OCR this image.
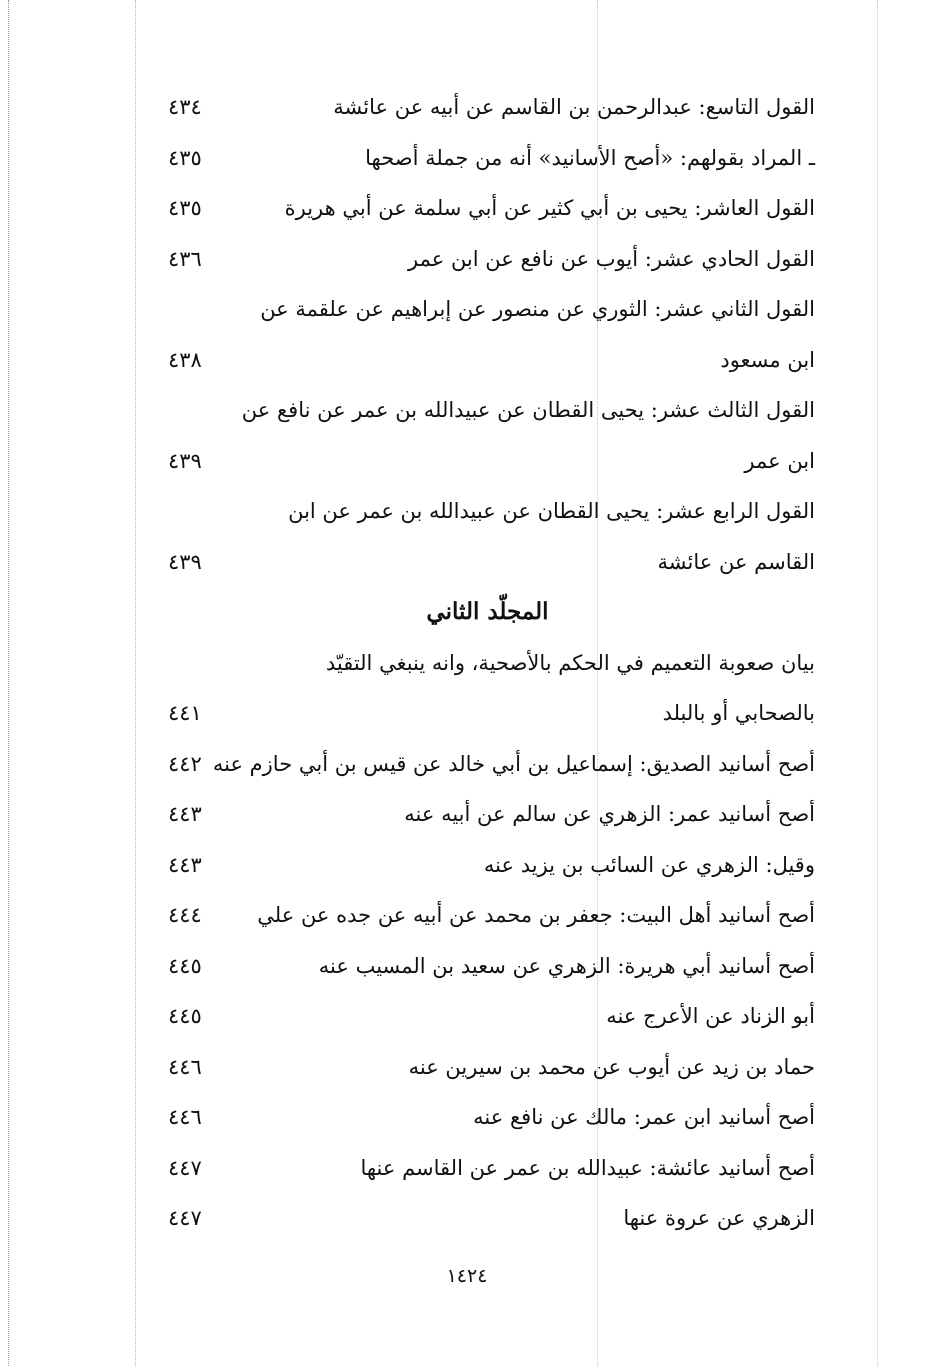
القول التاسع: عبدالرحمن بن القاسم عن أبيه عن عائشة
٤٣٤
ـ المراد بقولهم: «أصح الأسانيد» أنه من جملة أصحها
٤٣٥
القول العاشر: يحيى بن أبي كثير عن أبي سلمة عن أبي هريرة
٤٣٥
القول الحادي عشر: أيوب عن نافع عن ابن عمر
٤٣٦
القول الثاني عشر: الثوري عن منصور عن إبراهيم عن علقمة عن
ابن مسعود
٤٣٨
القول الثالث عشر: يحيى القطان عن عبيدالله بن عمر عن نافع عن
ابن عمر
٤٣٩
القول الرابع عشر: يحيى القطان عن عبيدالله بن عمر عن ابن
القاسم عن عائشة
٤٣٩
المجلّد الثاني
بيان صعوبة التعميم في الحكم بالأصحية، وانه ينبغي التقيّد
بالصحابي أو بالبلد
٤٤١
أصح أسانيد الصديق: إسماعيل بن أبي خالد عن قيس بن أبي حازم عنه
٤٤٢
أصح أسانيد عمر: الزهري عن سالم عن أبيه عنه
٤٤٣
وقيل: الزهري عن السائب بن يزيد عنه
٤٤٣
أصح أسانيد أهل البيت: جعفر بن محمد عن أبيه عن جده عن علي
٤٤٤
أصح أسانيد أبي هريرة: الزهري عن سعيد بن المسيب عنه
٤٤٥
أبو الزناد عن الأعرج عنه
٤٤٥
حماد بن زيد عن أيوب عن محمد بن سيرين عنه
٤٤٦
أصح أسانيد ابن عمر: مالك عن نافع عنه
٤٤٦
أصح أسانيد عائشة: عبيدالله بن عمر عن القاسم عنها
٤٤٧
الزهري عن عروة عنها
٤٤٧
١٤٢٤
